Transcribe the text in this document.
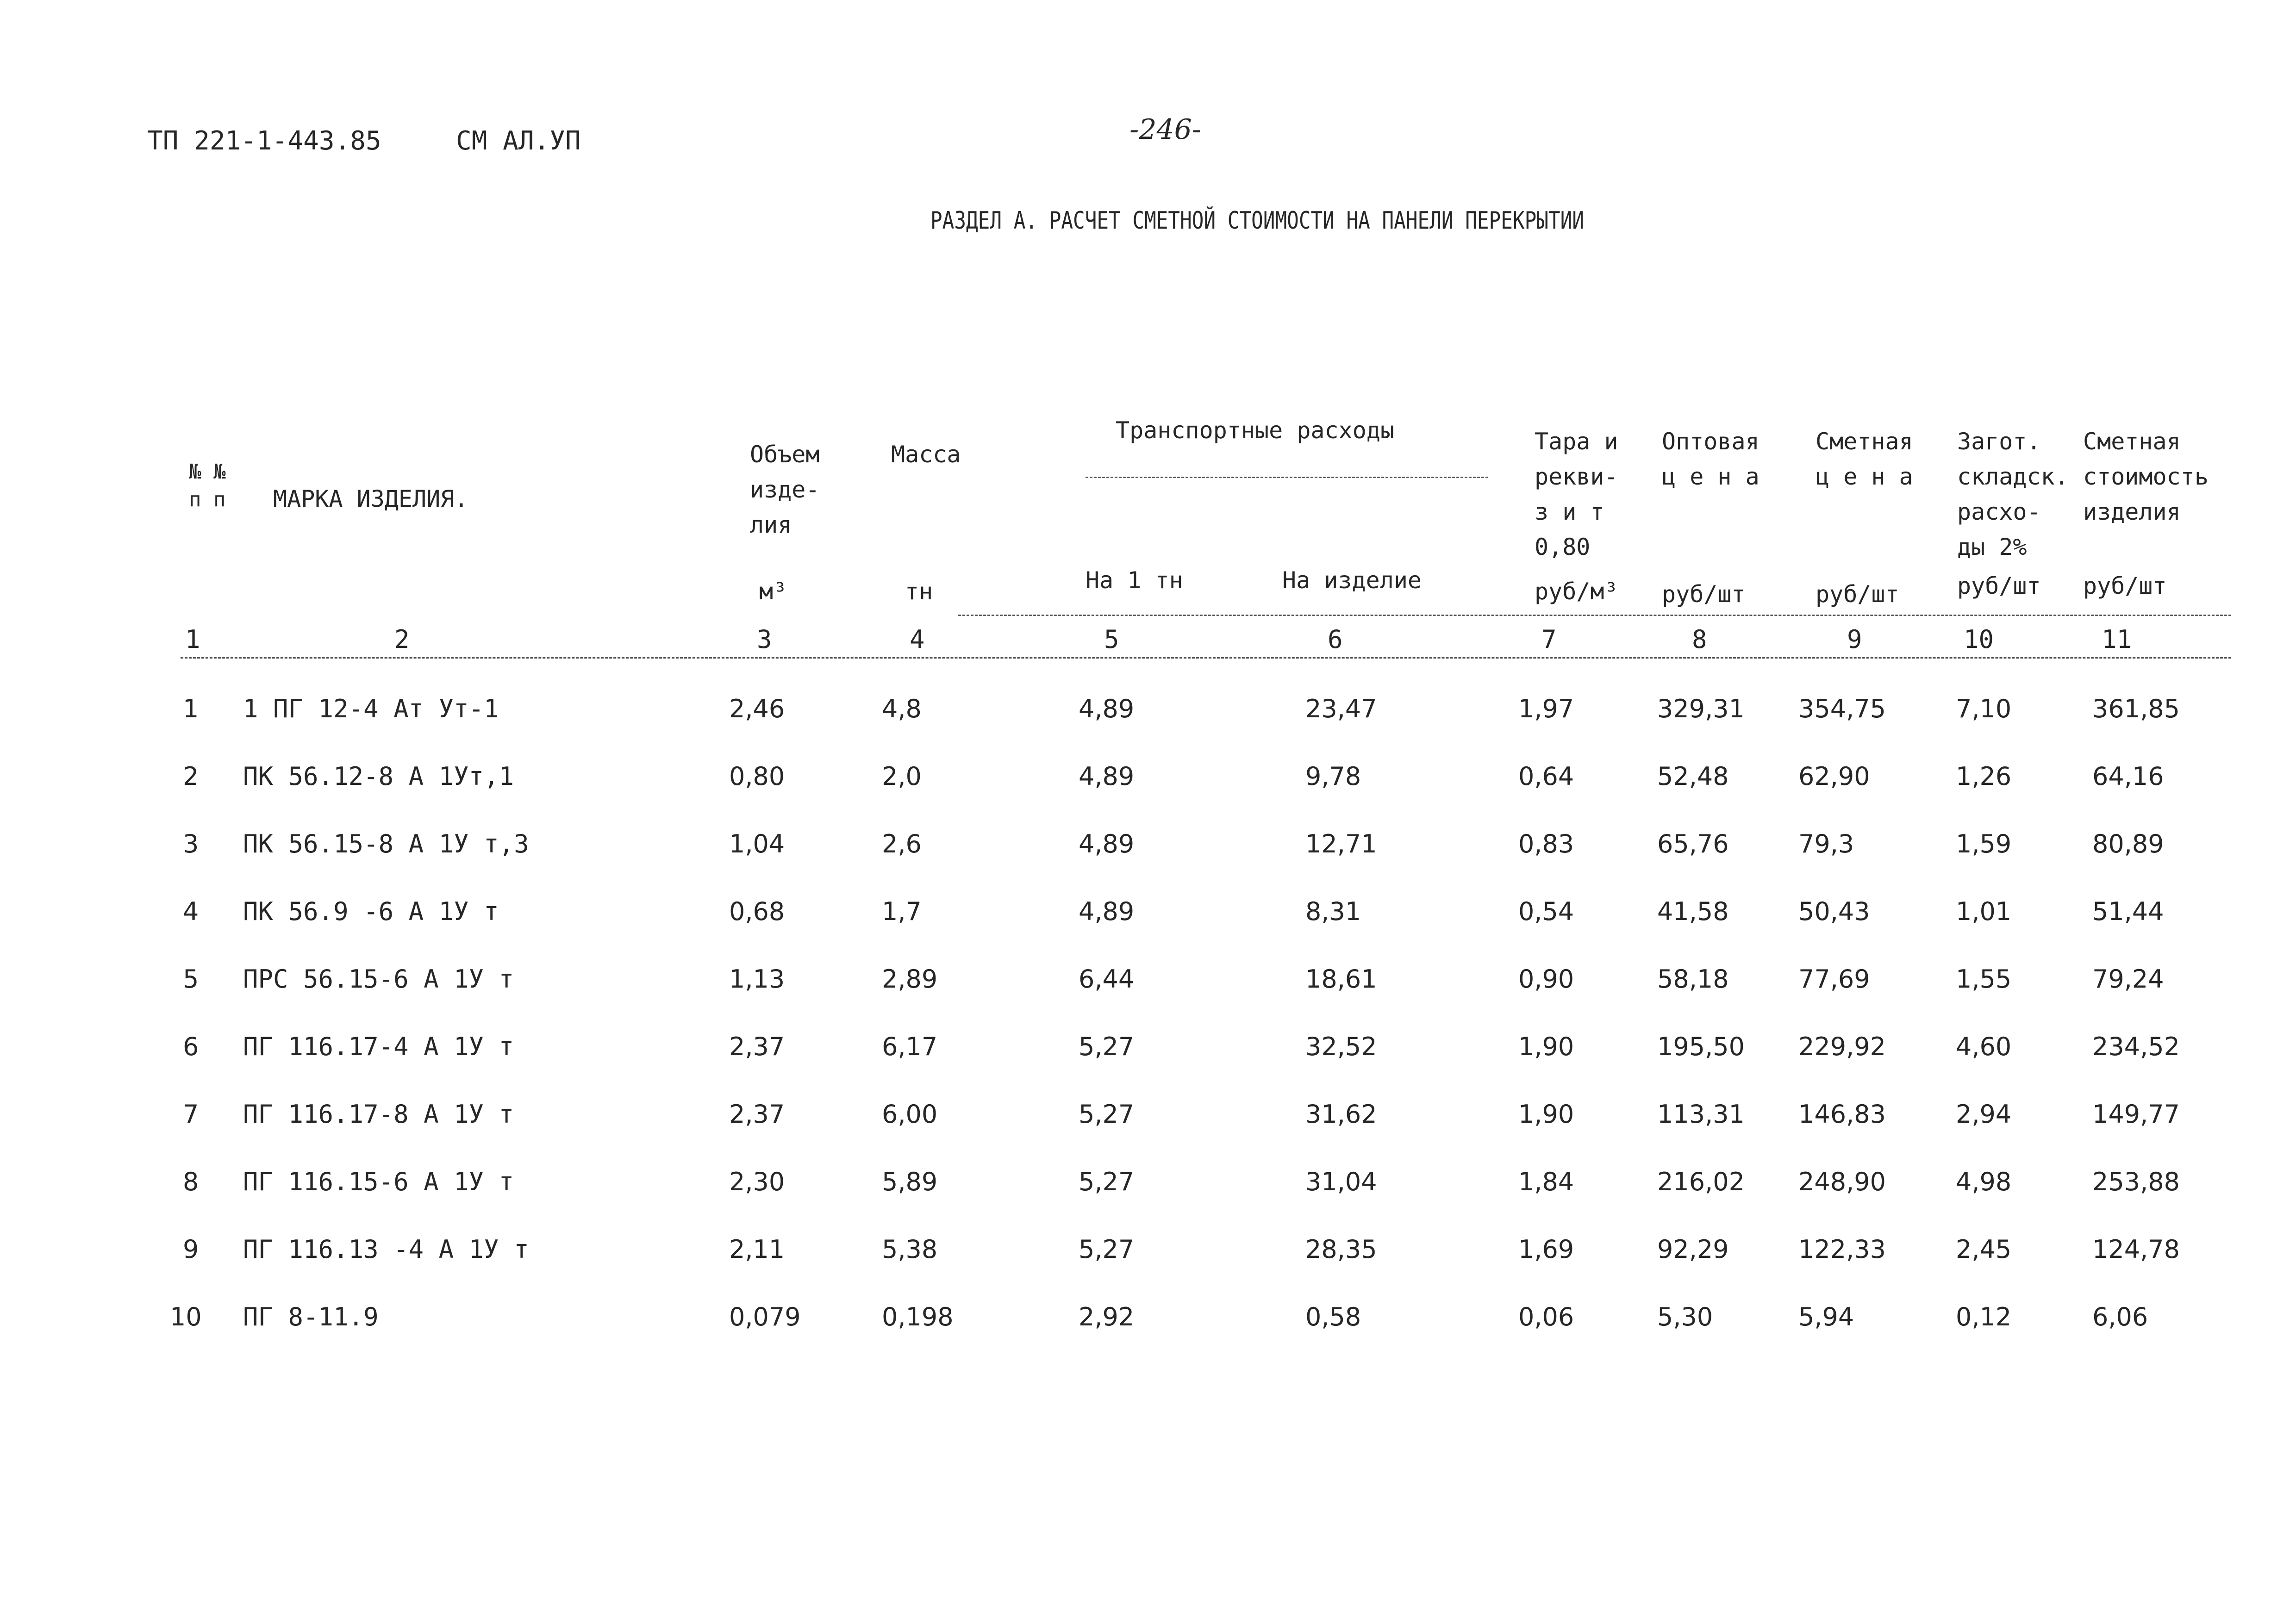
ТП 221-1-443.85	СМ АЛ.УП	-246-
РАЗДЕЛ А. РАСЧЕТ СМЕТНОЙ СТОИМОСТИ НА ПАНЕЛИ ПЕРЕКРЫТИИ
№ №
п п МАРКА ИЗДЕЛИЯ.
Объем
изде-
лия
м³
Масса
тн
Транспортные расходы
На 1 тн	На изделие
Тара и
рекви-
з и т
0,80
руб/м³
Оптовая
ц е н а
руб/шт
Сметная
ц е н а
руб/шт
Загот.
складск.
расхо-
ды 2%
руб/шт
Сметная
стоимость
изделия
руб/шт
1	2	3	4	5	6	7	8	9	10	11
1 1 ПГ 12-4 Ат Ут-1	2,46	4,8	4,89	23,47	1,97	329,31 354,75	7,10	361,85
2 ПК 56.12-8 А 1Ут,1	0,80	2,0	4,89	9,78	0,64	52,48	62,90	1,26	64,16
3 ПК 56.15-8 А 1У т,3	1,04	2,6	4,89	12,71	0,83	65,76	79,3	1,59	80,89
4 ПК 56.9 -6 А 1У т	0,68	1,7	4,89	8,31	0,54	41,58	50,43	1,01	51,44
5 ПРС 56.15-6 А 1У т	1,13	2,89	6,44	18,61	0,90	58,18	77,69	1,55	79,24
6 ПГ 116.17-4 А 1У т	2,37	6,17	5,27	32,52	1,90	195,50 229,92	4,60	234,52
7 ПГ 116.17-8 А 1У т	2,37	6,00	5,27	31,62	1,90	113,31 146,83	2,94	149,77
8 ПГ 116.15-6 А 1У т	2,30	5,89	5,27	31,04	1,84	216,02 248,90	4,98	253,88
9 ПГ 116.13 -4 А 1У т	2,11	5,38	5,27	28,35	1,69	92,29	122,33	2,45	124,78
10 ПГ 8-11.9	0,079	0,198	2,92	0,58	0,06	5,30	5,94	0,12	6,06
